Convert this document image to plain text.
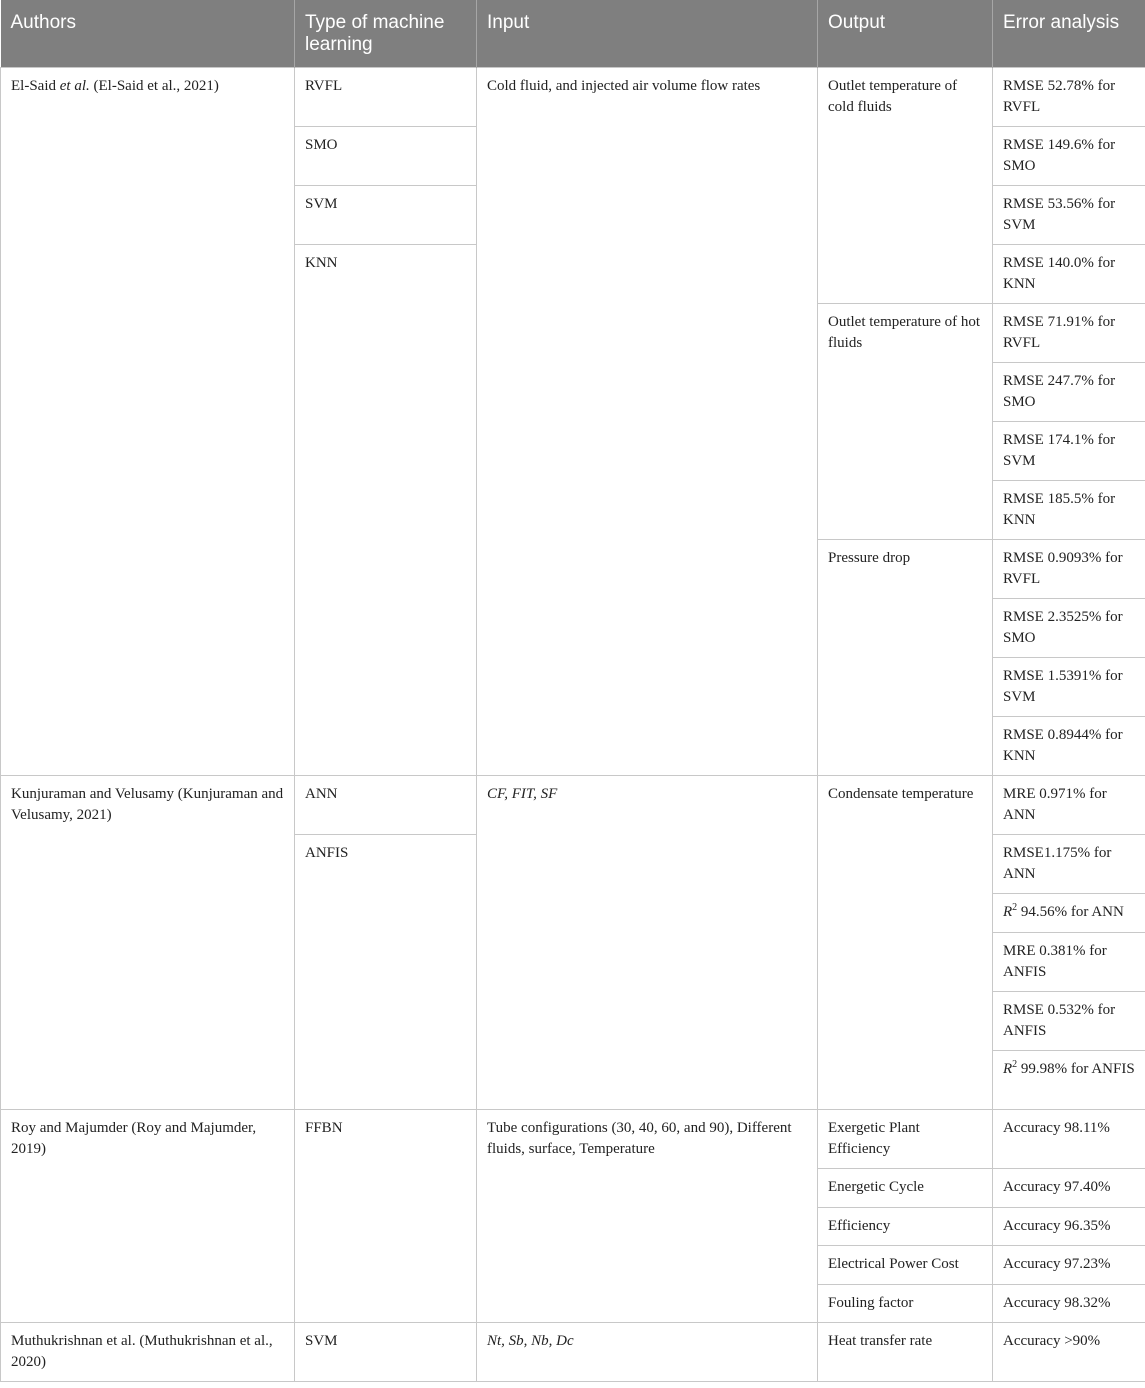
Authors	Type of machine learning	Input	Output	Error analysis
El-Said et al. (El-Said et al., 2021)	RVFL	Cold fluid, and injected air volume flow rates	Outlet temperature of cold fluids	RMSE 52.78% for RVFL
	SMO			RMSE 149.6% for SMO
	SVM			RMSE 53.56% for SVM
	KNN			RMSE 140.0% for KNN
			Outlet temperature of hot fluids	RMSE 71.91% for RVFL
				RMSE 247.7% for SMO
				RMSE 174.1% for SVM
				RMSE 185.5% for KNN
			Pressure drop	RMSE 0.9093% for RVFL
				RMSE 2.3525% for SMO
				RMSE 1.5391% for SVM
				RMSE 0.8944% for KNN
Kunjuraman and Velusamy (Kunjuraman and Velusamy, 2021)	ANN	CF, FIT, SF	Condensate temperature	MRE 0.971% for ANN
	ANFIS			RMSE1.175% for ANN
				$R^2$ 94.56% for ANN
				MRE 0.381% for ANFIS
				RMSE 0.532% for ANFIS
				$R^2$ 99.98% for ANFIS
Roy and Majumder (Roy and Majumder, 2019)	FFBN	Tube configurations (30, 40, 60, and 90), Different fluids, surface, Temperature	Exergetic Plant Efficiency	Accuracy 98.11%
			Energetic Cycle	Accuracy 97.40%
			Efficiency	Accuracy 96.35%
			Electrical Power Cost	Accuracy 97.23%
			Fouling factor	Accuracy 98.32%
Muthukrishnan et al. (Muthukrishnan et al., 2020)	SVM	Nt, Sb, Nb, Dc	Heat transfer rate	Accuracy >90%
